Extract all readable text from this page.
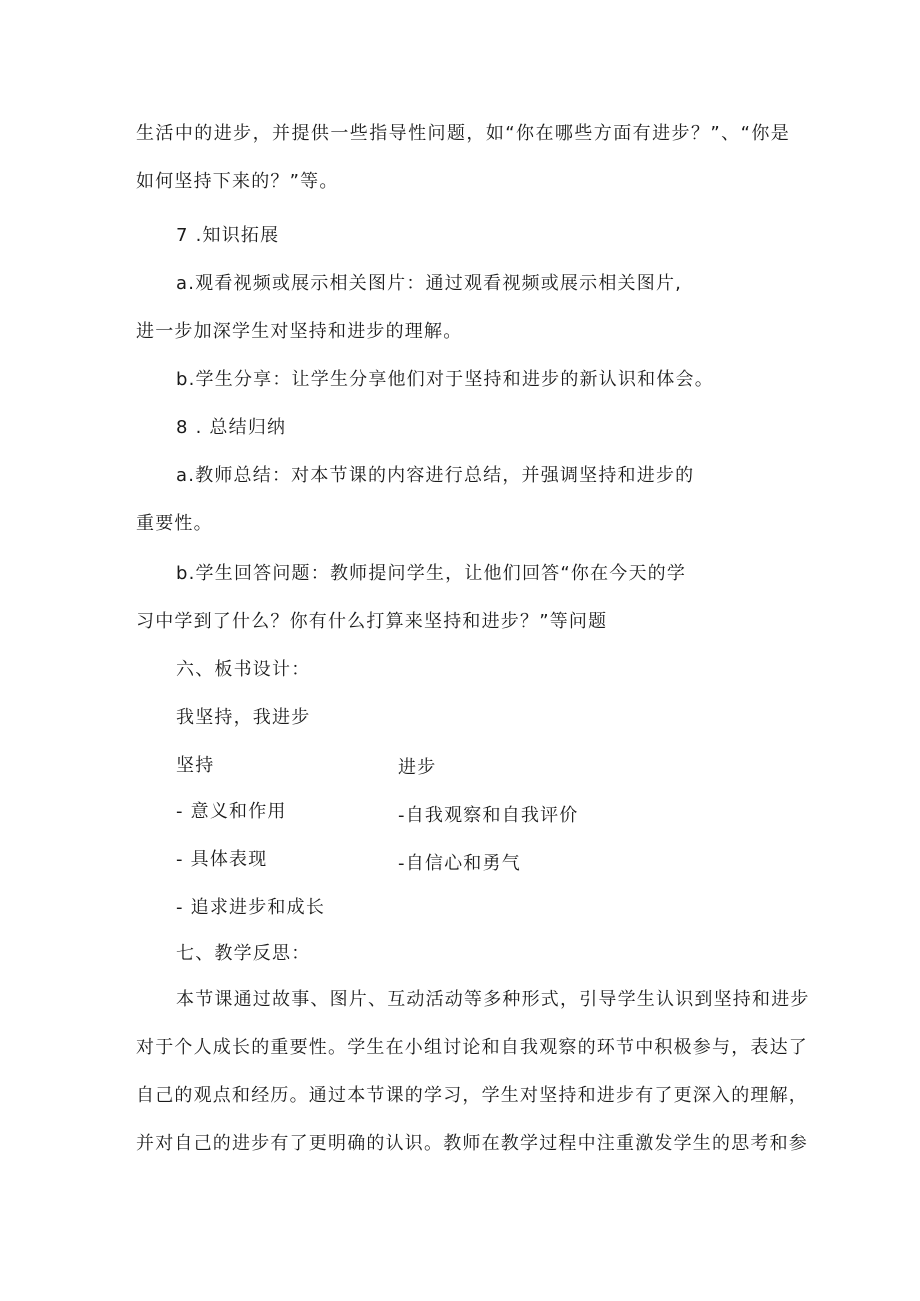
生活中的进步，并提供一些指导性问题，如“你在哪些方面有进步？”、“你是
如何坚持下来的？”等。
7 .知识拓展
a.观看视频或展示相关图片：通过观看视频或展示相关图片,
进一步加深学生对坚持和进步的理解。
b.学生分享：让学生分享他们对于坚持和进步的新认识和体会。
8 . 总结归纳
a.教师总结：对本节课的内容进行总结，并强调坚持和进步的
重要性。
b.学生回答问题：教师提问学生，让他们回答“你在今天的学
习中学到了什么？你有什么打算来坚持和进步？”等问题
六、板书设计：
我坚持，我进步
坚持	进步
- 意义和作用	-自我观察和自我评价
- 具体表现	-自信心和勇气
- 追求进步和成长
七、教学反思：
本节课通过故事、图片、互动活动等多种形式，引导学生认识到坚持和进步
对于个人成长的重要性。学生在小组讨论和自我观察的环节中积极参与，表达了
自己的观点和经历。通过本节课的学习，学生对坚持和进步有了更深入的理解，
并对自己的进步有了更明确的认识。教师在教学过程中注重激发学生的思考和参
